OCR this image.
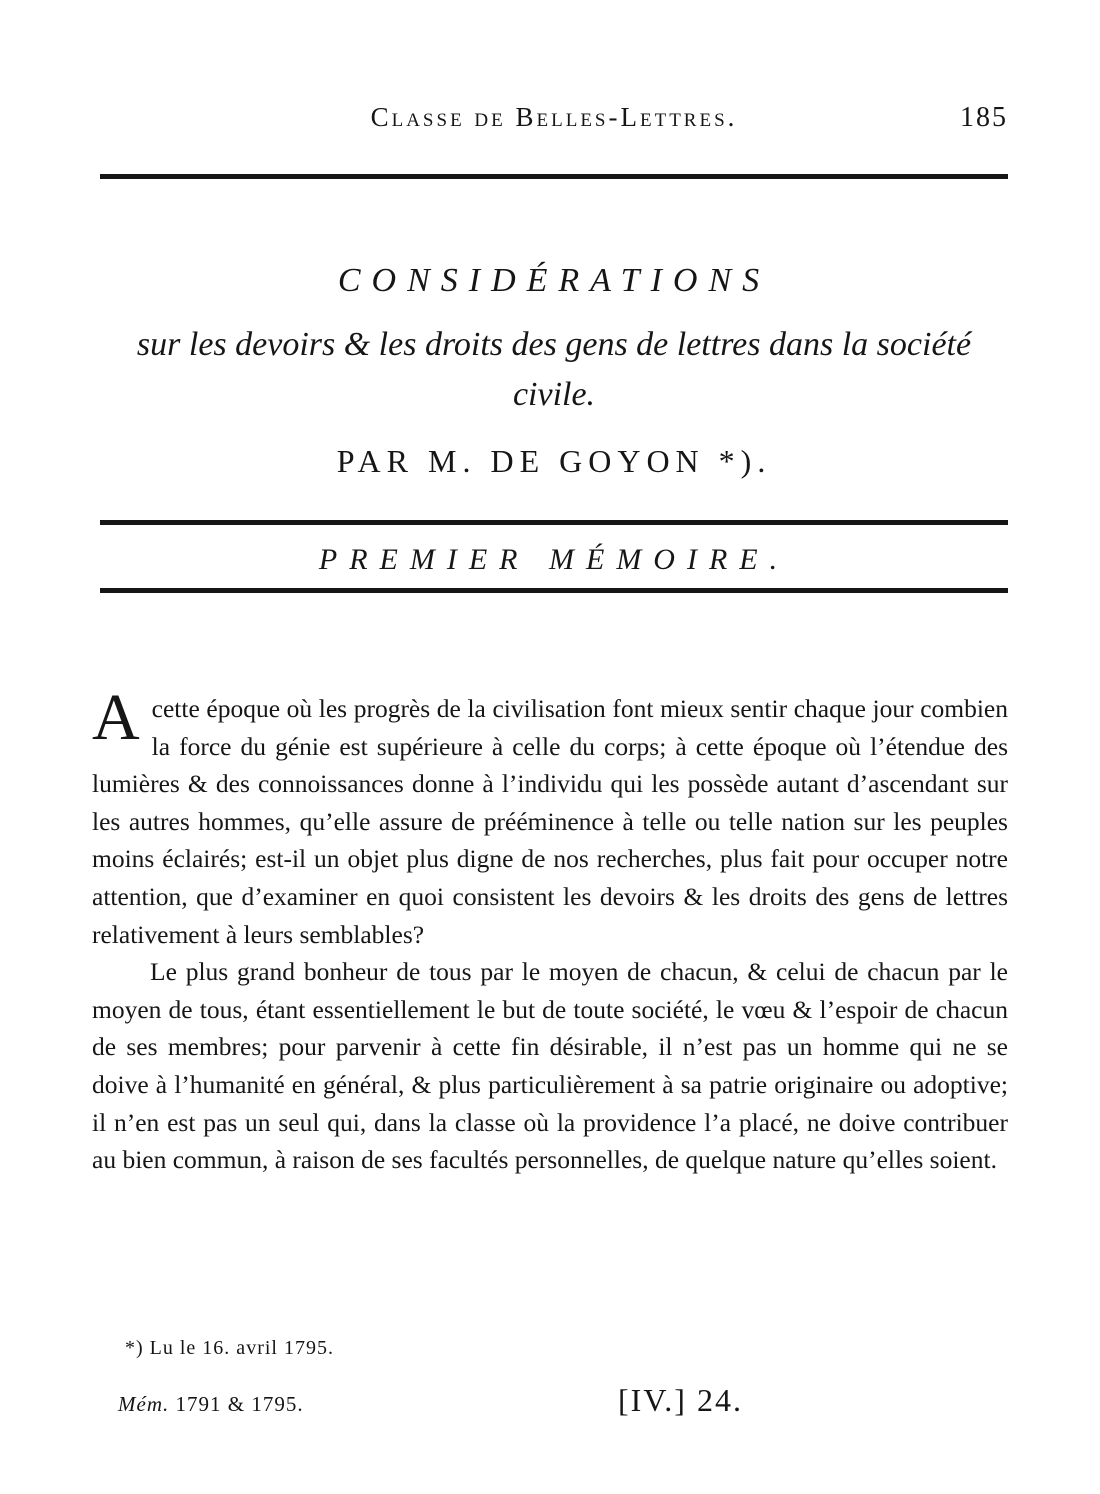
Classe de Belles-Lettres.	185
CONSIDÉRATIONS
sur les devoirs & les droits des gens de lettres dans la société civile.
PAR M. DE GOYON *).
PREMIER MÉMOIRE.

Acette époque où les progrès de la civilisation font mieux sentir chaque jour combien la force du génie est supérieure à celle du corps; à cette époque où l’étendue des lumières & des connoissances donne à l’individu qui les possède autant d’ascendant sur les autres hommes, qu’elle assure de prééminence à telle ou telle nation sur les peuples moins éclairés; est-il un objet plus digne de nos recherches, plus fait pour occuper notre attention, que d’examiner en quoi consistent les devoirs & les droits des gens de lettres relativement à leurs semblables?

Le plus grand bonheur de tous par le moyen de chacun, & celui de chacun par le moyen de tous, étant essentiellement le but de toute société, le vœu & l’espoir de chacun de ses membres; pour parvenir à cette fin désirable, il n’est pas un homme qui ne se doive à l’humanité en général, & plus particulièrement à sa patrie originaire ou adoptive; il n’en est pas un seul qui, dans la classe où la providence l’a placé, ne doive contribuer au bien commun, à raison de ses facultés personnelles, de quelque nature qu’elles soient.

*) Lu le 16. avril 1795.
Mém. 1791 & 1795.	[IV.] 24.
